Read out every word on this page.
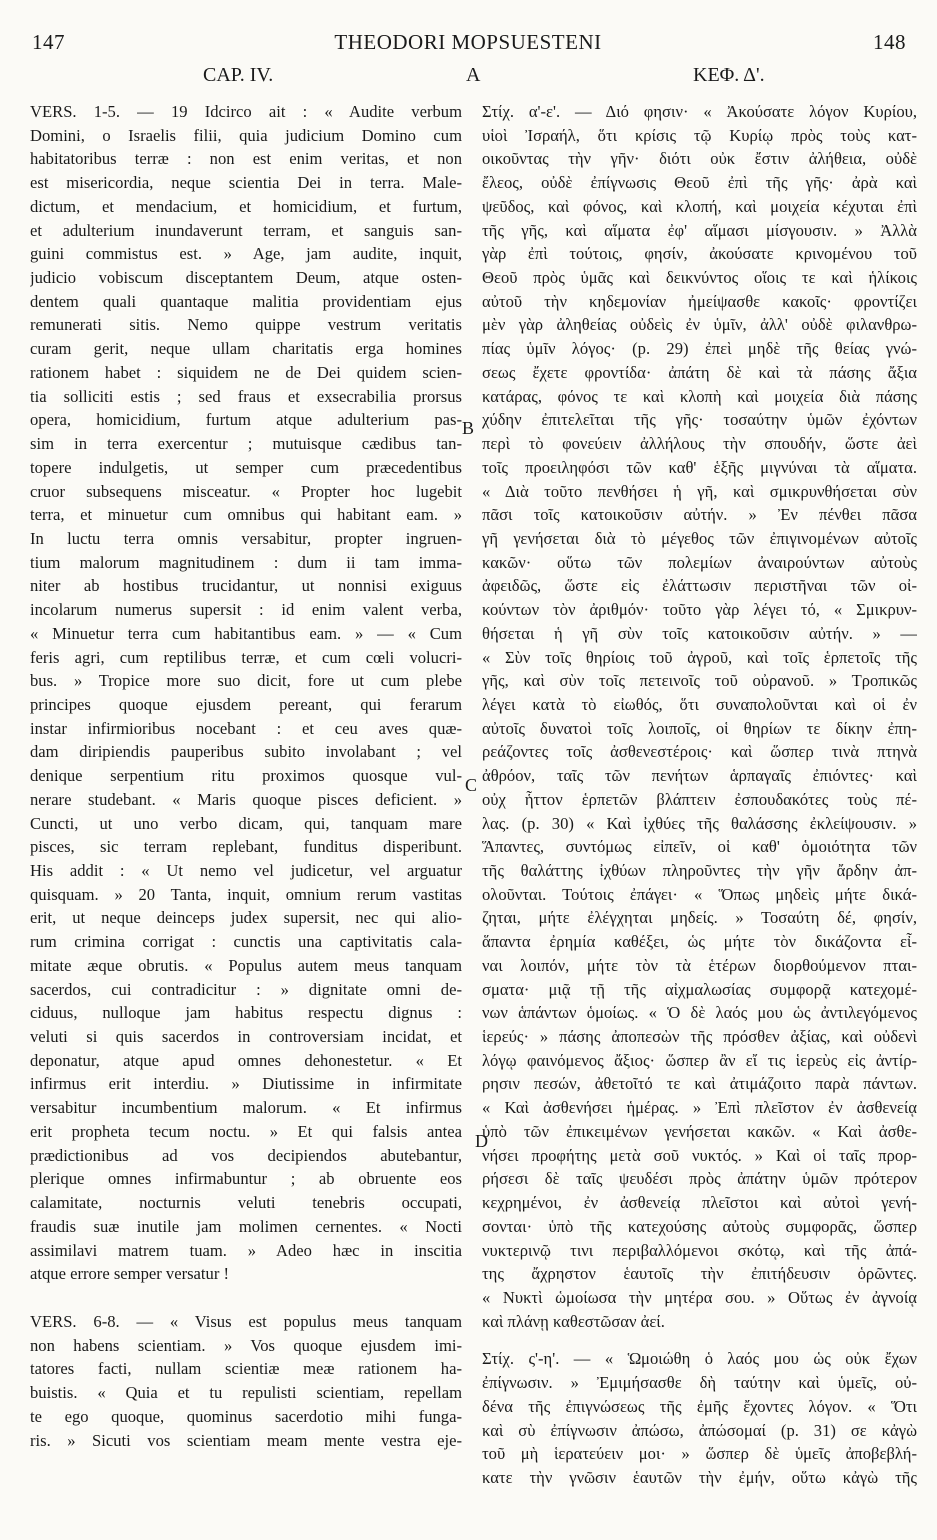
147	THEODORI MOPSUESTENI	148
CAP. IV.	A	ΚΕΦ. Δ'.
B
C
D
VERS. 1-5. — 19 Idcirco ait : « Audite verbum
Domini, o Israelis filii, quia judicium Domino cum
habitatoribus terræ : non est enim veritas, et non
est misericordia, neque scientia Dei in terra. Male-
dictum, et mendacium, et homicidium, et furtum,
et adulterium inundaverunt terram, et sanguis san-
guini commistus est. » Age, jam audite, inquit,
judicio vobiscum disceptantem Deum, atque osten-
dentem quali quantaque malitia providentiam ejus
remunerati sitis. Nemo quippe vestrum veritatis
curam gerit, neque ullam charitatis erga homines
rationem habet : siquidem ne de Dei quidem scien-
tia solliciti estis ; sed fraus et exsecrabilia prorsus
opera, homicidium, furtum atque adulterium pas-
sim in terra exercentur ; mutuisque cædibus tan-
topere indulgetis, ut semper cum præcedentibus
cruor subsequens misceatur. « Propter hoc lugebit
terra, et minuetur cum omnibus qui habitant eam. »
In luctu terra omnis versabitur, propter ingruen-
tium malorum magnitudinem : dum ii tam imma-
niter ab hostibus trucidantur, ut nonnisi exiguus
incolarum numerus supersit : id enim valent verba,
« Minuetur terra cum habitantibus eam. » — « Cum
feris agri, cum reptilibus terræ, et cum cœli volucri-
bus. » Tropice more suo dicit, fore ut cum plebe
principes quoque ejusdem pereant, qui ferarum
instar infirmioribus nocebant : et ceu aves quæ-
dam diripiendis pauperibus subito involabant ; vel
denique serpentium ritu proximos quosque vul-
nerare studebant. « Maris quoque pisces deficient. »
Cuncti, ut uno verbo dicam, qui, tanquam mare
pisces, sic terram replebant, funditus disperibunt.
His addit : « Ut nemo vel judicetur, vel arguatur
quisquam. » 20 Tanta, inquit, omnium rerum vastitas
erit, ut neque deinceps judex supersit, nec qui alio-
rum crimina corrigat : cunctis una captivitatis cala-
mitate æque obrutis. « Populus autem meus tanquam
sacerdos, cui contradicitur : » dignitate omni de-
ciduus, nulloque jam habitus respectu dignus :
veluti si quis sacerdos in controversiam incidat, et
deponatur, atque apud omnes dehonestetur. « Et
infirmus erit interdiu. » Diutissime in infirmitate
versabitur incumbentium malorum. « Et infirmus
erit propheta tecum noctu. » Et qui falsis antea
prædictionibus ad vos decipiendos abutebantur,
plerique omnes infirmabuntur ; ab obruente eos
calamitate, nocturnis veluti tenebris occupati,
fraudis suæ inutile jam molimen cernentes. « Nocti
assimilavi matrem tuam. » Adeo hæc in inscitia
atque errore semper versatur !
VERS. 6-8. — « Visus est populus meus tanquam
non habens scientiam. » Vos quoque ejusdem imi-
tatores facti, nullam scientiæ meæ rationem ha-
buistis. « Quia et tu repulisti scientiam, repellam
te ego quoque, quominus sacerdotio mihi funga-
ris. » Sicuti vos scientiam meam mente vestra eje-
Στίχ. α'-ε'. — Διό φησιν· « Ἀκούσατε λόγον Κυρίου,
υἱοὶ Ἰσραήλ, ὅτι κρίσις τῷ Κυρίῳ πρὸς τοὺς κατ-
οικοῦντας τὴν γῆν· διότι οὐκ ἔστιν ἀλήθεια, οὐδὲ
ἔλεος, οὐδὲ ἐπίγνωσις Θεοῦ ἐπὶ τῆς γῆς· ἀρὰ καὶ
ψεῦδος, καὶ φόνος, καὶ κλοπή, καὶ μοιχεία κέχυται ἐπὶ
τῆς γῆς, καὶ αἵματα ἐφ' αἵμασι μίσγουσιν. » Ἀλλὰ
γὰρ ἐπὶ τούτοις, φησίν, ἀκούσατε κρινομένου τοῦ
Θεοῦ πρὸς ὑμᾶς καὶ δεικνύντος οἵοις τε καὶ ἡλίκοις
αὐτοῦ τὴν κηδεμονίαν ἠμείψασθε κακοῖς· φροντίζει
μὲν γὰρ ἀληθείας οὐδεὶς ἐν ὑμῖν, ἀλλ' οὐδὲ φιλανθρω-
πίας ὑμῖν λόγος· (p. 29) ἐπεὶ μηδὲ τῆς θείας γνώ-
σεως ἔχετε φροντίδα· ἀπάτη δὲ καὶ τὰ πάσης ἄξια
κατάρας, φόνος τε καὶ κλοπὴ καὶ μοιχεία διὰ πάσης
χύδην ἐπιτελεῖται τῆς γῆς· τοσαύτην ὑμῶν ἐχόντων
περὶ τὸ φονεύειν ἀλλήλους τὴν σπουδήν, ὥστε ἀεὶ
τοῖς προειληφόσι τῶν καθ' ἑξῆς μιγνύναι τὰ αἵματα.
« Διὰ τοῦτο πενθήσει ἡ γῆ, καὶ σμικρυνθήσεται σὺν
πᾶσι τοῖς κατοικοῦσιν αὐτήν. » Ἐν πένθει πᾶσα
γῆ γενήσεται διὰ τὸ μέγεθος τῶν ἐπιγινομένων αὐτοῖς
κακῶν· οὕτω τῶν πολεμίων ἀναιρούντων αὐτοὺς
ἀφειδῶς, ὥστε εἰς ἐλάττωσιν περιστῆναι τῶν οἰ-
κούντων τὸν ἀριθμόν· τοῦτο γὰρ λέγει τό, « Σμικρυν-
θήσεται ἡ γῆ σὺν τοῖς κατοικοῦσιν αὐτήν. » —
« Σὺν τοῖς θηρίοις τοῦ ἀγροῦ, καὶ τοῖς ἑρπετοῖς τῆς
γῆς, καὶ σὺν τοῖς πετεινοῖς τοῦ οὐρανοῦ. » Τροπικῶς
λέγει κατὰ τὸ εἰωθός, ὅτι συναπολοῦνται καὶ οἱ ἐν
αὐτοῖς δυνατοὶ τοῖς λοιποῖς, οἱ θηρίων τε δίκην ἐπη-
ρεάζοντες τοῖς ἀσθενεστέροις· καὶ ὥσπερ τινὰ πτηνὰ
ἀθρόον, ταῖς τῶν πενήτων ἁρπαγαῖς ἐπιόντες· καὶ
οὐχ ἧττον ἑρπετῶν βλάπτειν ἐσπουδακότες τοὺς πέ-
λας. (p. 30) « Καὶ ἰχθύες τῆς θαλάσσης ἐκλείψουσιν. »
Ἅπαντες, συντόμως εἰπεῖν, οἱ καθ' ὁμοιότητα τῶν
τῆς θαλάττης ἰχθύων πληροῦντες τὴν γῆν ἄρδην ἀπ-
ολοῦνται. Τούτοις ἐπάγει· « Ὅπως μηδεὶς μήτε δικά-
ζηται, μήτε ἐλέγχηται μηδείς. » Τοσαύτη δέ, φησίν,
ἅπαντα ἐρημία καθέξει, ὡς μήτε τὸν δικάζοντα εἶ-
ναι λοιπόν, μήτε τὸν τὰ ἑτέρων διορθούμενον πται-
σματα· μιᾷ τῇ τῆς αἰχμαλωσίας συμφορᾷ κατεχομέ-
νων ἁπάντων ὁμοίως. « Ὁ δὲ λαός μου ὡς ἀντιλεγόμενος
ἱερεύς· » πάσης ἀποπεσὼν τῆς πρόσθεν ἀξίας, καὶ οὐδενὶ
λόγῳ φαινόμενος ἄξιος· ὥσπερ ἂν εἴ τις ἱερεὺς εἰς ἀντίρ-
ρησιν πεσών, ἀθετοῖτό τε καὶ ἀτιμάζοιτο παρὰ πάντων.
« Καὶ ἀσθενήσει ἡμέρας. » Ἐπὶ πλεῖστον ἐν ἀσθενείᾳ
ὑπὸ τῶν ἐπικειμένων γενήσεται κακῶν. « Καὶ ἀσθε-
νήσει προφήτης μετὰ σοῦ νυκτός. » Καὶ οἱ ταῖς προρ-
ρήσεσι δὲ ταῖς ψευδέσι πρὸς ἀπάτην ὑμῶν πρότερον
κεχρημένοι, ἐν ἀσθενείᾳ πλεῖστοι καὶ αὐτοὶ γενή-
σονται· ὑπὸ τῆς κατεχούσης αὐτοὺς συμφορᾶς, ὥσπερ
νυκτερινῷ τινι περιβαλλόμενοι σκότῳ, καὶ τῆς ἀπά-
της ἄχρηστον ἑαυτοῖς τὴν ἐπιτήδευσιν ὁρῶντες.
« Νυκτὶ ὡμοίωσα τὴν μητέρα σου. » Οὕτως ἐν ἀγνοίᾳ
καὶ πλάνῃ καθεστῶσαν ἀεί.
Στίχ. ς'-η'. — « Ὡμοιώθη ὁ λαός μου ὡς οὐκ ἔχων
ἐπίγνωσιν. » Ἐμιμήσασθε δὴ ταύτην καὶ ὑμεῖς, οὐ-
δένα τῆς ἐπιγνώσεως τῆς ἐμῆς ἔχοντες λόγον. « Ὅτι
καὶ σὺ ἐπίγνωσιν ἀπώσω, ἀπώσομαί (p. 31) σε κἀγὼ
τοῦ μὴ ἱερατεύειν μοι· » ὥσπερ δὲ ὑμεῖς ἀποβεβλή-
κατε τὴν γνῶσιν ἑαυτῶν τὴν ἐμήν, οὕτω κἀγὼ τῆς
